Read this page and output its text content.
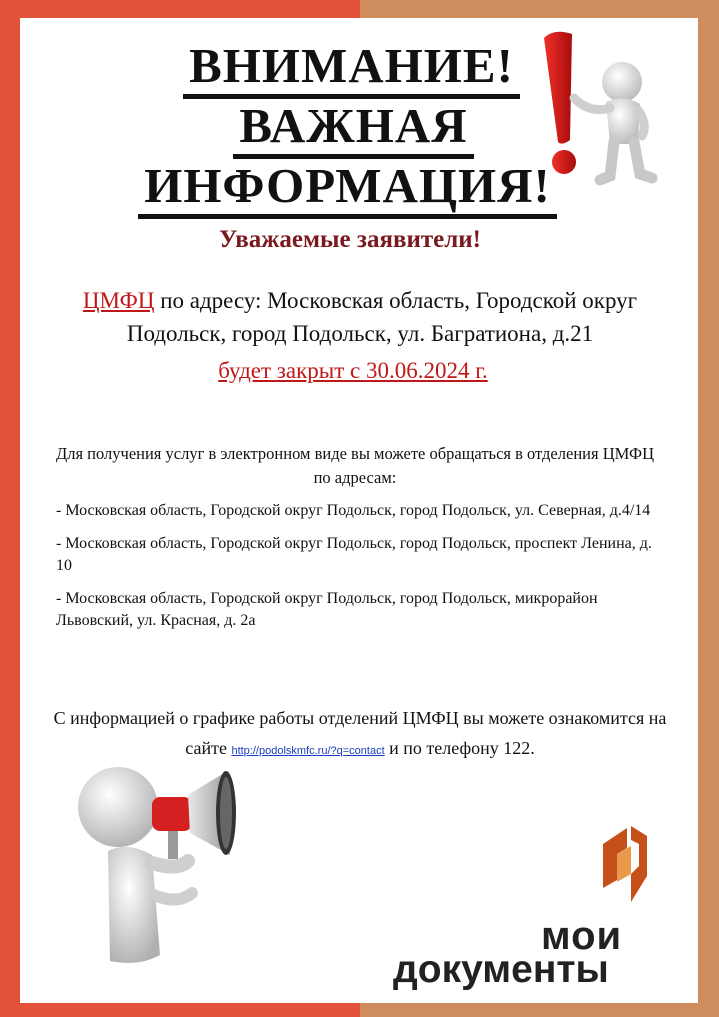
ВНИМАНИЕ!
ВАЖНАЯ
ИНФОРМАЦИЯ!
Уважаемые заявители!
ЦМФЦ по адресу: Московская область, Городской округ Подольск, город Подольск, ул. Багратиона, д.21
будет закрыт с 30.06.2024 г.
Для получения услуг в электронном виде вы можете обращаться в отделения ЦМФЦ по адресам:
- Московская область, Городской округ Подольск, город Подольск, ул. Северная, д.4/14
- Московская область, Городской округ Подольск, город Подольск, проспект Ленина, д. 10
- Московская область, Городской округ Подольск, город Подольск, микрорайон Львовский, ул. Красная, д. 2а
С информацией о графике работы отделений ЦМФЦ вы можете ознакомится на сайте http://podolskmfc.ru/?q=contact и по телефону 122.
мои
документы
